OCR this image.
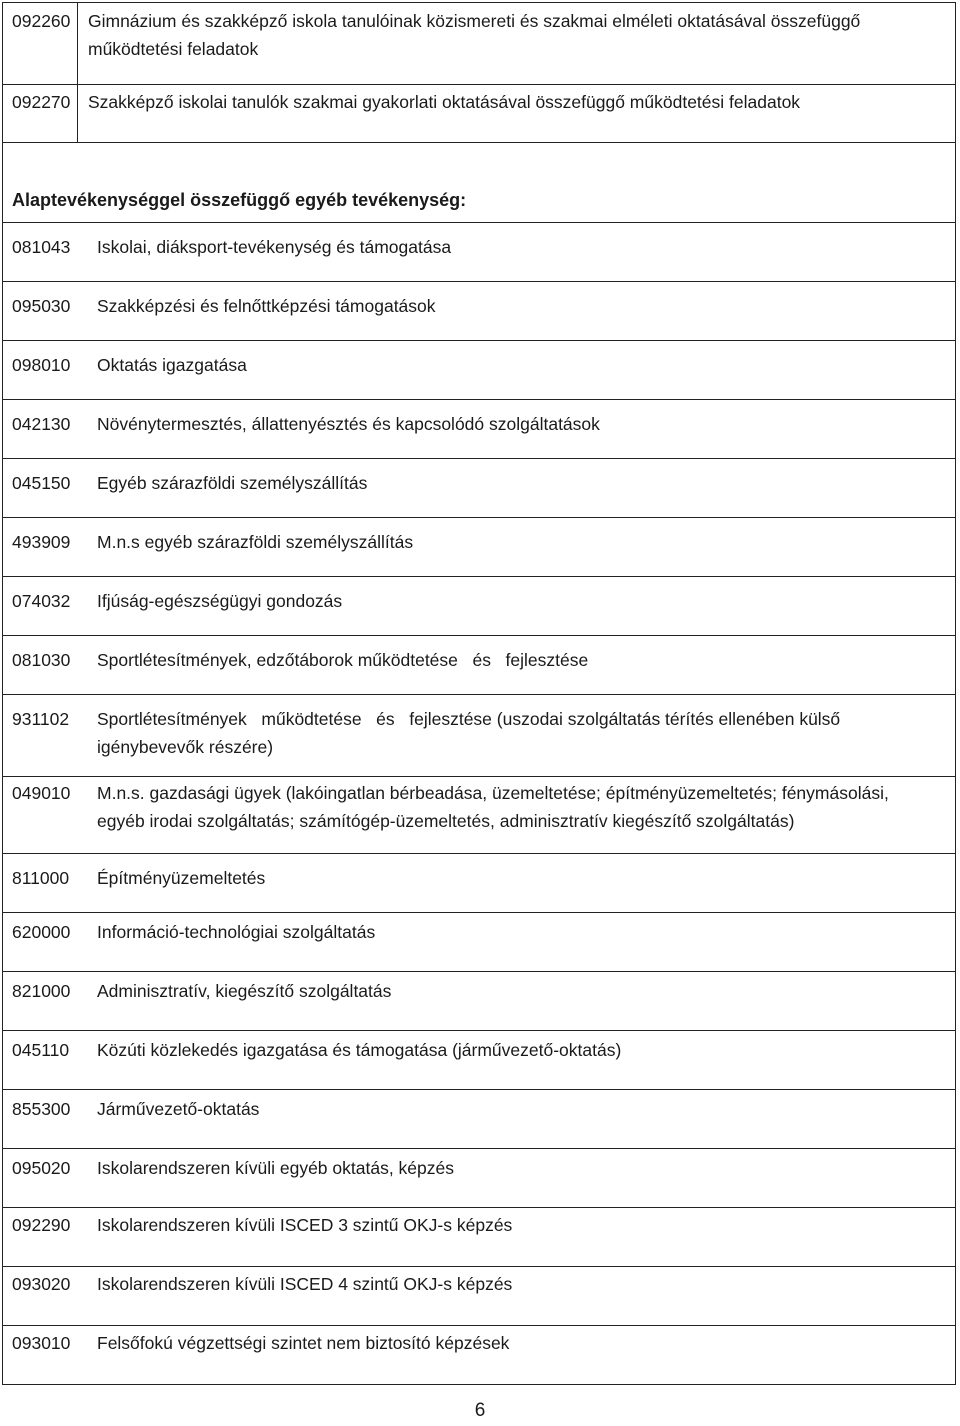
092260	Gimnázium és szakképző iskola tanulóinak közismereti és szakmai elméleti oktatásával összefüggő működtetési feladatok

092270	Szakképző iskolai tanulók szakmai gyakorlati oktatásával összefüggő működtetési feladatok

Alaptevékenységgel összefüggő egyéb tevékenység:

081043	Iskolai, diáksport-tevékenység és támogatása

095030	Szakképzési és felnőttképzési támogatások

098010	Oktatás igazgatása

042130	Növénytermesztés, állattenyésztés és kapcsolódó szolgáltatások

045150	Egyéb szárazföldi személyszállítás

493909	M.n.s egyéb szárazföldi személyszállítás

074032	Ifjúság-egészségügyi gondozás

081030	Sportlétesítmények, edzőtáborok működtetése   és   fejlesztése

931102	Sportlétesítmények   működtetése   és   fejlesztése (uszodai szolgáltatás térítés ellenében külső igénybevevők részére)

049010	M.n.s. gazdasági ügyek (lakóingatlan bérbeadása, üzemeltetése; építményüzemeltetés; fénymásolási, egyéb irodai szolgáltatás; számítógép-üzemeltetés, adminisztratív kiegészítő szolgáltatás)

811000	Építményüzemeltetés

620000	Információ-technológiai szolgáltatás

821000	Adminisztratív, kiegészítő szolgáltatás

045110	Közúti közlekedés igazgatása és támogatása (járművezető-oktatás)

855300	Járművezető-oktatás

095020	Iskolarendszeren kívüli egyéb oktatás, képzés

092290	Iskolarendszeren kívüli ISCED 3 szintű OKJ-s képzés

093020	Iskolarendszeren kívüli ISCED 4 szintű OKJ-s képzés

093010	Felsőfokú végzettségi szintet nem biztosító képzések
6
